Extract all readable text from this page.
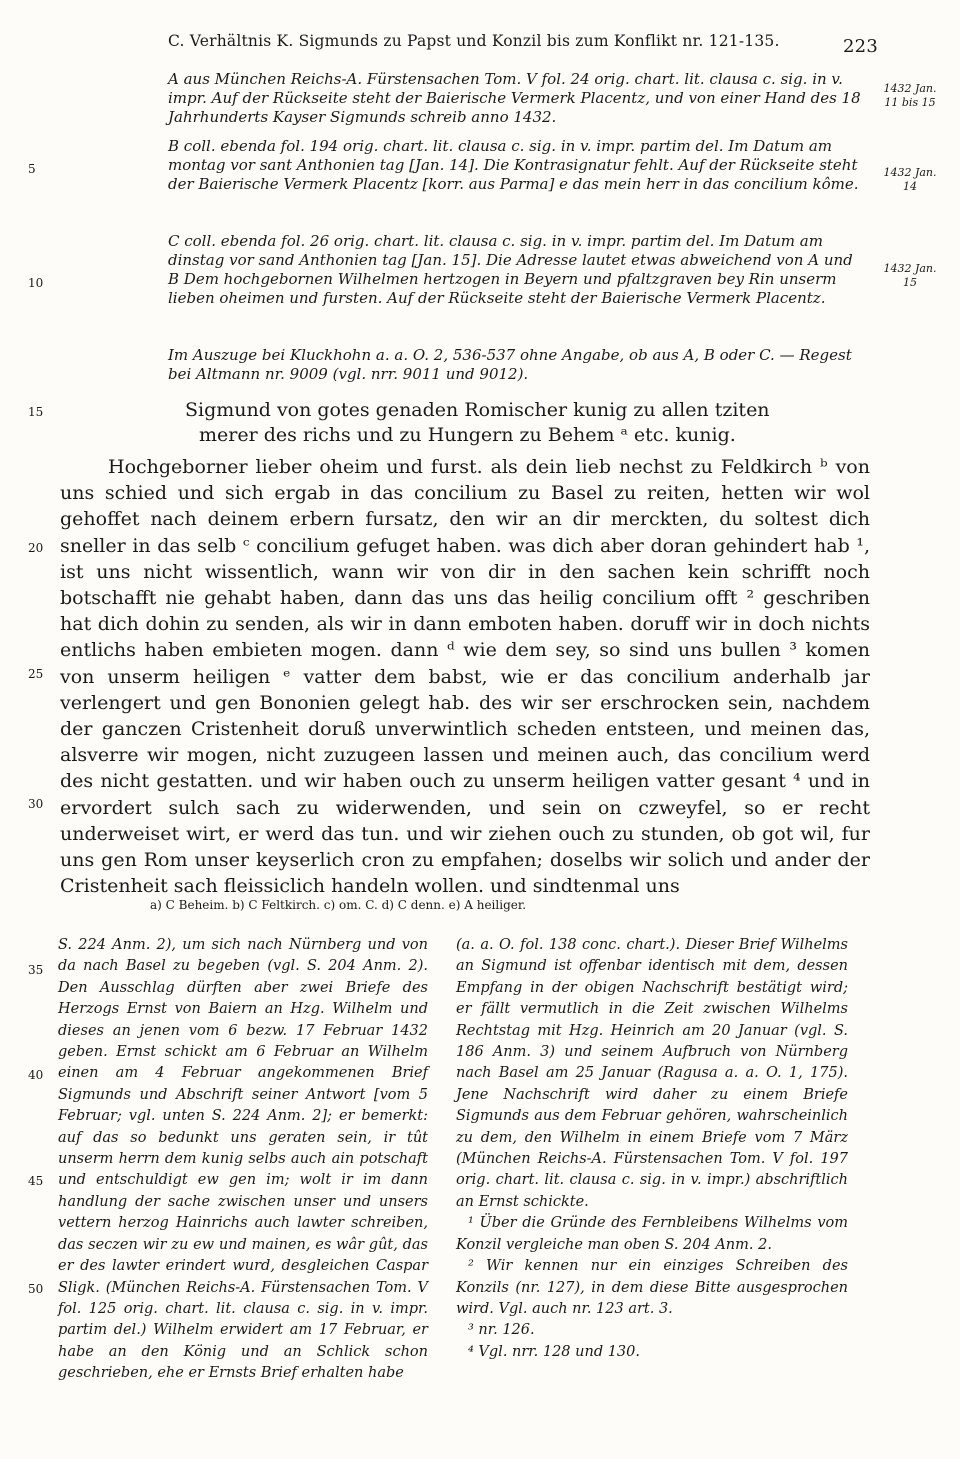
C. Verhältnis K. Sigmunds zu Papst und Konzil bis zum Konflikt nr. 121-135.	223
A aus München Reichs-A. Fürstensachen Tom. V fol. 24 orig. chart. lit. clausa c. sig. in v. impr. Auf der Rückseite steht der Baierische Vermerk Placentz, und von einer Hand des 18 Jahrhunderts Kayser Sigmunds schreib anno 1432.
B coll. ebenda fol. 194 orig. chart. lit. clausa c. sig. in v. impr. partim del. Im Datum am montag vor sant Anthonien tag [Jan. 14]. Die Kontrasignatur fehlt. Auf der Rückseite steht der Baierische Vermerk Placentz [korr. aus Parma] e das mein herr in das concilium kôme.
C coll. ebenda fol. 26 orig. chart. lit. clausa c. sig. in v. impr. partim del. Im Datum am dinstag vor sand Anthonien tag [Jan. 15]. Die Adresse lautet etwas abweichend von A und B Dem hochgebornen Wilhelmen hertzogen in Beyern und pfaltzgraven bey Rin unserm lieben oheimen und fursten. Auf der Rückseite steht der Baierische Vermerk Placentz.
Im Auszuge bei Kluckhohn a. a. O. 2, 536-537 ohne Angabe, ob aus A, B oder C. — Regest bei Altmann nr. 9009 (vgl. nrr. 9011 und 9012).
1432 Jan. 11 bis 15
1432 Jan. 14
1432 Jan. 15
5
10
15
20
25
30
35
40
45
50
Sigmund von gotes genaden Romischer kunig zu allen tziten
merer des richs und zu Hungern zu Behem ᵃ etc. kunig.

Hochgeborner lieber oheim und furst. als dein lieb nechst zu Feldkirch ᵇ von uns schied und sich ergab in das concilium zu Basel zu reiten, hetten wir wol gehoffet nach deinem erbern fursatz, den wir an dir merckten, du soltest dich sneller in das selb ᶜ concilium gefuget haben. was dich aber doran gehindert hab ¹, ist uns nicht wissentlich, wann wir von dir in den sachen kein schrifft noch botschafft nie gehabt haben, dann das uns das heilig concilium offt ² geschriben hat dich dohin zu senden, als wir in dann emboten haben. doruff wir in doch nichts entlichs haben embieten mogen. dann ᵈ wie dem sey, so sind uns bullen ³ komen von unserm heiligen ᵉ vatter dem babst, wie er das concilium anderhalb jar verlengert und gen Bononien gelegt hab. des wir ser erschrocken sein, nachdem der ganczen Cristenheit doruß unverwintlich scheden entsteen, und meinen das, alsverre wir mogen, nicht zuzugeen lassen und meinen auch, das concilium werd des nicht gestatten. und wir haben ouch zu unserm heiligen vatter gesant ⁴ und in ervordert sulch sach zu widerwenden, und sein on czweyfel, so er recht underweiset wirt, er werd das tun. und wir ziehen ouch zu stunden, ob got wil, fur uns gen Rom unser keyserlich cron zu empfahen; doselbs wir solich und ander der Cristenheit sach fleissiclich handeln wollen. und sindtenmal uns

a) C Beheim. b) C Feltkirch. c) om. C. d) C denn. e) A heiliger.

S. 224 Anm. 2), um sich nach Nürnberg und von da nach Basel zu begeben (vgl. S. 204 Anm. 2). Den Ausschlag dürften aber zwei Briefe des Herzogs Ernst von Baiern an Hzg. Wilhelm und dieses an jenen vom 6 bezw. 17 Februar 1432 geben. Ernst schickt am 6 Februar an Wilhelm einen am 4 Februar angekommenen Brief Sigmunds und Abschrift seiner Antwort [vom 5 Februar; vgl. unten S. 224 Anm. 2]; er bemerkt: auf das so bedunkt uns geraten sein, ir tût unserm herrn dem kunig selbs auch ain potschaft und entschuldigt ew gen im; wolt ir im dann handlung der sache zwischen unser und unsers vettern herzog Hainrichs auch lawter schreiben, das seczen wir zu ew und mainen, es wâr gût, das er des lawter erindert wurd, desgleichen Caspar Sligk. (München Reichs-A. Fürstensachen Tom. V fol. 125 orig. chart. lit. clausa c. sig. in v. impr. partim del.) Wilhelm erwidert am 17 Februar, er habe an den König und an Schlick schon geschrieben, ehe er Ernsts Brief erhalten habe

(a. a. O. fol. 138 conc. chart.). Dieser Brief Wilhelms an Sigmund ist offenbar identisch mit dem, dessen Empfang in der obigen Nachschrift bestätigt wird; er fällt vermutlich in die Zeit zwischen Wilhelms Rechtstag mit Hzg. Heinrich am 20 Januar (vgl. S. 186 Anm. 3) und seinem Aufbruch von Nürnberg nach Basel am 25 Januar (Ragusa a. a. O. 1, 175). Jene Nachschrift wird daher zu einem Briefe Sigmunds aus dem Februar gehören, wahrscheinlich zu dem, den Wilhelm in einem Briefe vom 7 März (München Reichs-A. Fürstensachen Tom. V fol. 197 orig. chart. lit. clausa c. sig. in v. impr.) abschriftlich an Ernst schickte.

¹ Über die Gründe des Fernbleibens Wilhelms vom Konzil vergleiche man oben S. 204 Anm. 2.

² Wir kennen nur ein einziges Schreiben des Konzils (nr. 127), in dem diese Bitte ausgesprochen wird. Vgl. auch nr. 123 art. 3.

³ nr. 126.

⁴ Vgl. nrr. 128 und 130.
